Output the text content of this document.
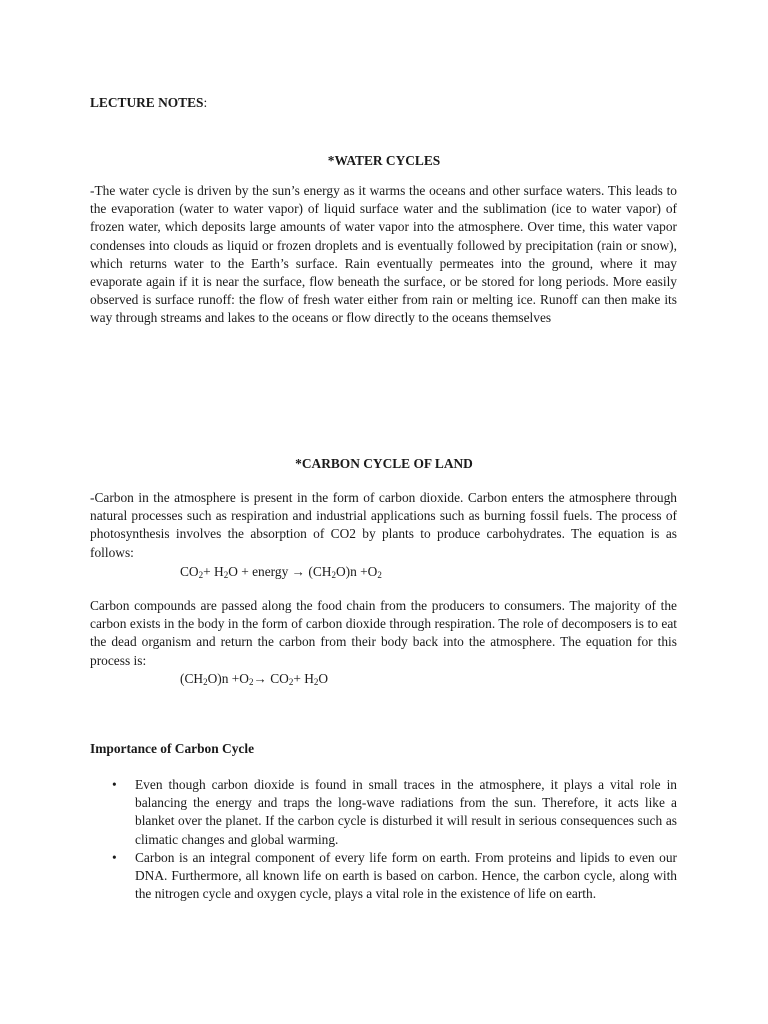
LECTURE NOTES:
*WATER CYCLES
-The water cycle is driven by the sun’s energy as it warms the oceans and other surface waters. This leads to the evaporation (water to water vapor) of liquid surface water and the sublimation (ice to water vapor) of frozen water, which deposits large amounts of water vapor into the atmosphere. Over time, this water vapor condenses into clouds as liquid or frozen droplets and is eventually followed by precipitation (rain or snow), which returns water to the Earth’s surface. Rain eventually permeates into the ground, where it may evaporate again if it is near the surface, flow beneath the surface, or be stored for long periods. More easily observed is surface runoff: the flow of fresh water either from rain or melting ice. Runoff can then make its way through streams and lakes to the oceans or flow directly to the oceans themselves
*CARBON CYCLE OF LAND
-Carbon in the atmosphere is present in the form of carbon dioxide. Carbon enters the atmosphere through natural processes such as respiration and industrial applications such as burning fossil fuels. The process of photosynthesis involves the absorption of CO2 by plants to produce carbohydrates. The equation is as follows:
$CO_2+ H_2O$ + energy → $(CH_2O)n +O_2$
Carbon compounds are passed along the food chain from the producers to consumers. The majority of the carbon exists in the body in the form of carbon dioxide through respiration. The role of decomposers is to eat the dead organism and return the carbon from their body back into the atmosphere. The equation for this process is:
$(CH_2O)n +O_2\to CO_2+ H_2O$
Importance of Carbon Cycle
• Even though carbon dioxide is found in small traces in the atmosphere, it plays a vital role in balancing the energy and traps the long-wave radiations from the sun. Therefore, it acts like a blanket over the planet. If the carbon cycle is disturbed it will result in serious consequences such as climatic changes and global warming.
• Carbon is an integral component of every life form on earth. From proteins and lipids to even our DNA. Furthermore, all known life on earth is based on carbon. Hence, the carbon cycle, along with the nitrogen cycle and oxygen cycle, plays a vital role in the existence of life on earth.
